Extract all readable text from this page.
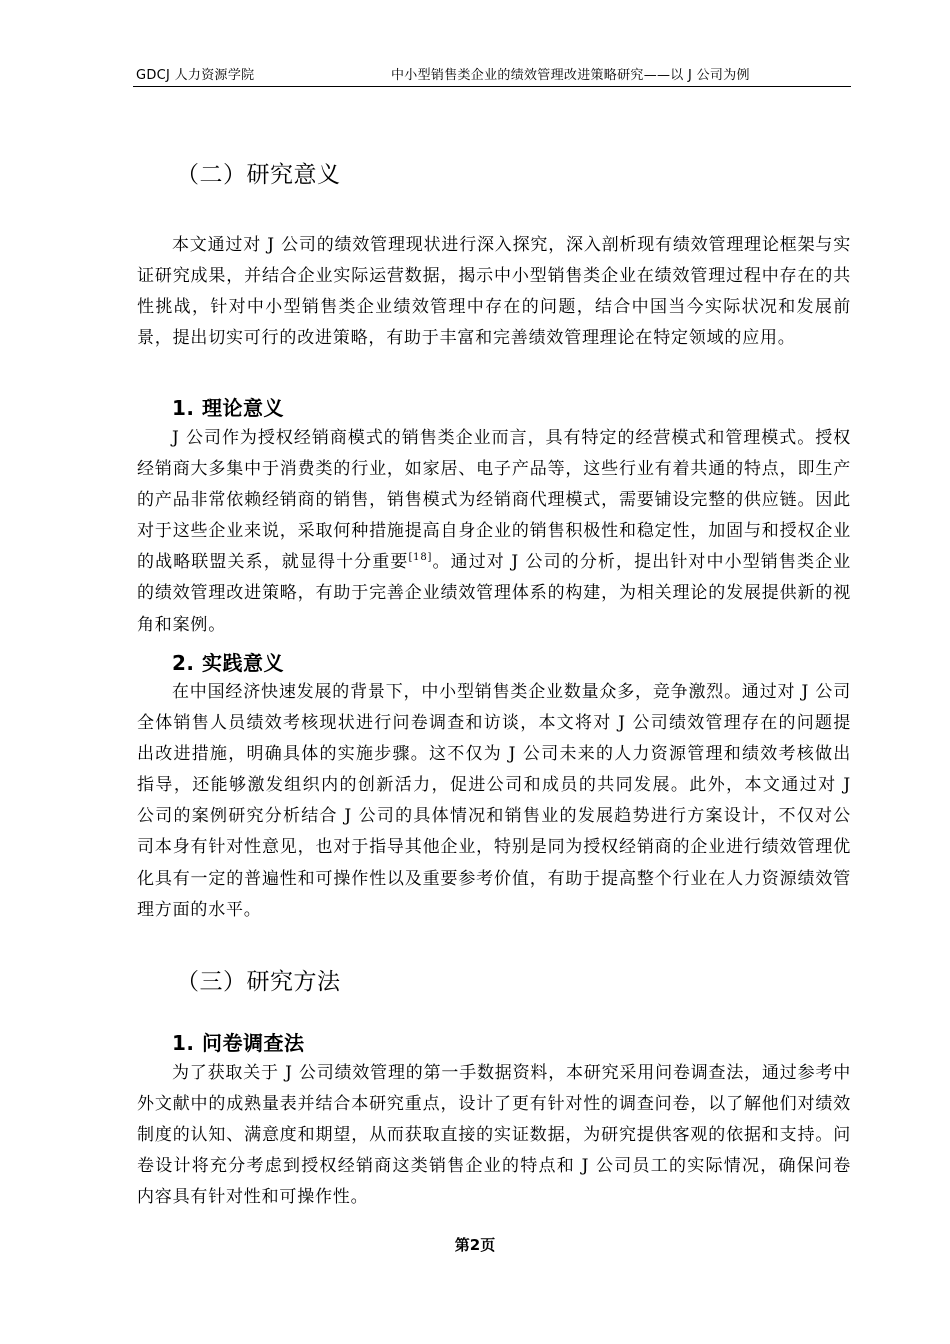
GDCJ 人力资源学院	中小型销售类企业的绩效管理改进策略研究——以 J 公司为例
（二）研究意义

本文通过对 J 公司的绩效管理现状进行深入探究，深入剖析现有绩效管理理论框架与实证研究成果，并结合企业实际运营数据，揭示中小型销售类企业在绩效管理过程中存在的共性挑战，针对中小型销售类企业绩效管理中存在的问题，结合中国当今实际状况和发展前景，提出切实可行的改进策略，有助于丰富和完善绩效管理理论在特定领域的应用。

1. 理论意义

J 公司作为授权经销商模式的销售类企业而言，具有特定的经营模式和管理模式。授权经销商大多集中于消费类的行业，如家居、电子产品等，这些行业有着共通的特点，即生产的产品非常依赖经销商的销售，销售模式为经销商代理模式，需要铺设完整的供应链。因此对于这些企业来说，采取何种措施提高自身企业的销售积极性和稳定性，加固与和授权企业的战略联盟关系，就显得十分重要[18]。通过对 J 公司的分析，提出针对中小型销售类企业的绩效管理改进策略，有助于完善企业绩效管理体系的构建，为相关理论的发展提供新的视角和案例。

2. 实践意义

在中国经济快速发展的背景下，中小型销售类企业数量众多，竞争激烈。通过对 J 公司全体销售人员绩效考核现状进行问卷调查和访谈，本文将对 J 公司绩效管理存在的问题提出改进措施，明确具体的实施步骤。这不仅为 J 公司未来的人力资源管理和绩效考核做出指导，还能够激发组织内的创新活力，促进公司和成员的共同发展。此外，本文通过对 J 公司的案例研究分析结合 J 公司的具体情况和销售业的发展趋势进行方案设计，不仅对公司本身有针对性意见，也对于指导其他企业，特别是同为授权经销商的企业进行绩效管理优化具有一定的普遍性和可操作性以及重要参考价值，有助于提高整个行业在人力资源绩效管理方面的水平。

（三）研究方法
1. 问卷调查法

为了获取关于 J 公司绩效管理的第一手数据资料，本研究采用问卷调查法，通过参考中外文献中的成熟量表并结合本研究重点，设计了更有针对性的调查问卷，以了解他们对绩效制度的认知、满意度和期望，从而获取直接的实证数据，为研究提供客观的依据和支持。问卷设计将充分考虑到授权经销商这类销售企业的特点和 J 公司员工的实际情况，确保问卷内容具有针对性和可操作性。

第2页
